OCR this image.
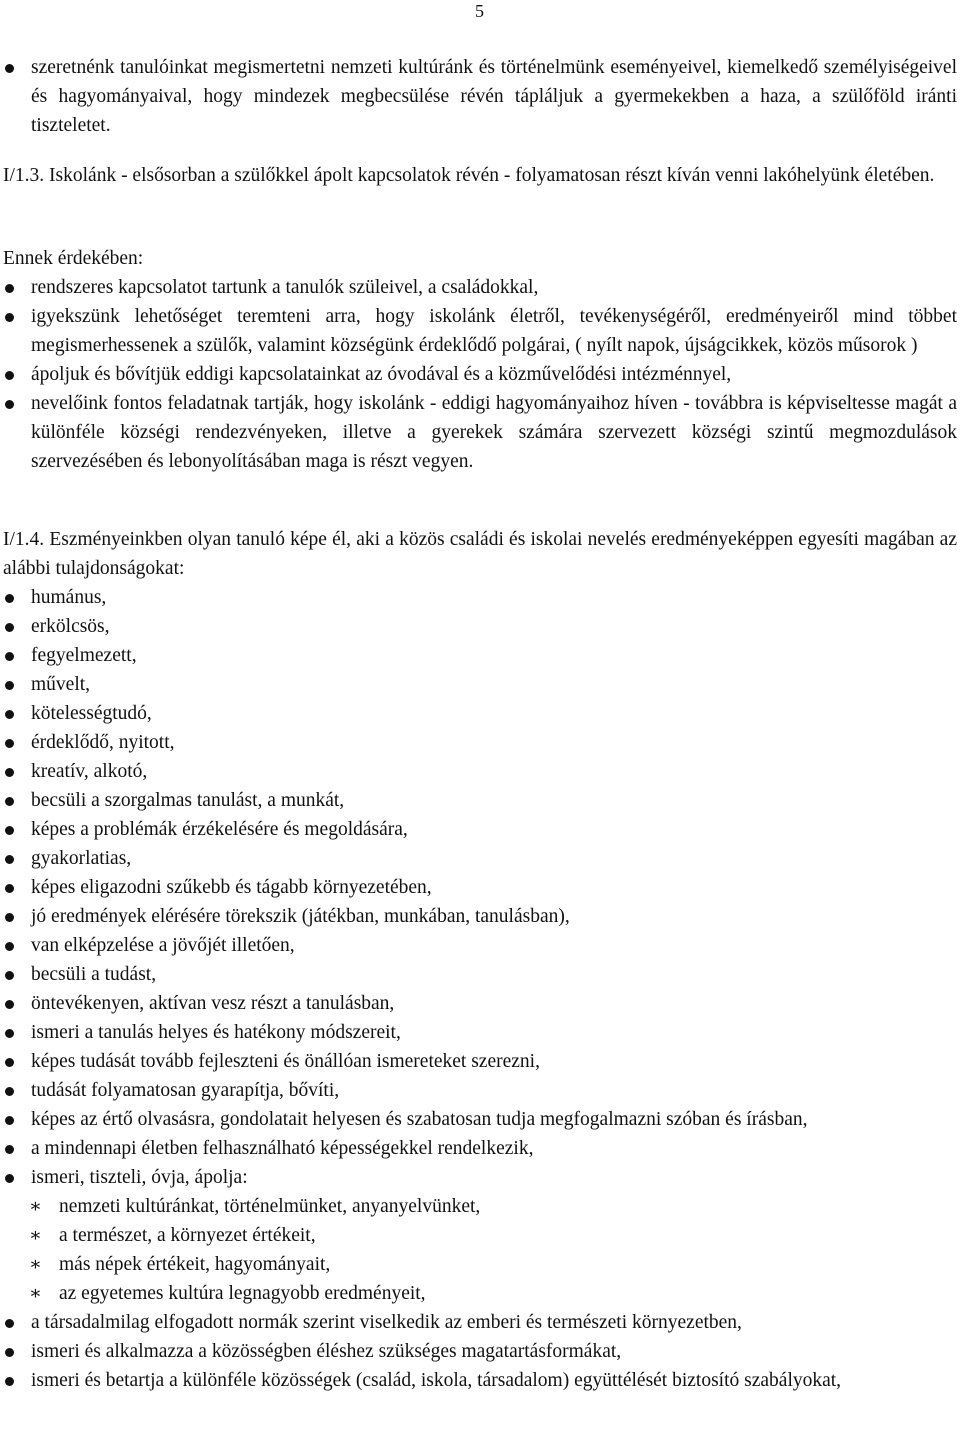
5
szeretnénk tanulóinkat megismertetni nemzeti kultúránk és történelmünk eseményeivel, kiemelkedő személyiségeivel és hagyományaival, hogy mindezek megbecsülése révén tápláljuk a gyermekekben a haza, a szülőföld iránti tiszteletet.

I/1.3. Iskolánk - elsősorban a szülőkkel ápolt kapcsolatok révén - folyamatosan részt kíván venni lakóhelyünk életében.

Ennek érdekében:

rendszeres kapcsolatot tartunk a tanulók szüleivel, a családokkal,
igyekszünk lehetőséget teremteni arra, hogy iskolánk életről, tevékenységéről, eredményeiről mind többet megismerhessenek a szülők, valamint községünk érdeklődő polgárai, ( nyílt napok, újságcikkek, közös műsorok )
ápoljuk és bővítjük eddigi kapcsolatainkat az óvodával és a közművelődési intézménnyel,
nevelőink fontos feladatnak tartják, hogy iskolánk - eddigi hagyományaihoz híven - továbbra is képviseltesse magát a különféle községi rendezvényeken, illetve a gyerekek számára szervezett községi szintű megmozdulások szervezésében és lebonyolításában maga is részt vegyen.

I/1.4. Eszményeinkben olyan tanuló képe él, aki a közös családi és iskolai nevelés eredményeképpen egyesíti magában az alábbi tulajdonságokat:

humánus,
erkölcsös,
fegyelmezett,
művelt,
kötelességtudó,
érdeklődő, nyitott,
kreatív, alkotó,
becsüli a szorgalmas tanulást, a munkát,
képes a problémák érzékelésére és megoldására,
gyakorlatias,
képes eligazodni szűkebb és tágabb környezetében,
jó eredmények elérésére törekszik (játékban, munkában, tanulásban),
van elképzelése a jövőjét illetően,
becsüli a tudást,
öntevékenyen, aktívan vesz részt a tanulásban,
ismeri a tanulás helyes és hatékony módszereit,
képes tudását tovább fejleszteni és önállóan ismereteket szerezni,
tudását folyamatosan gyarapítja, bővíti,
képes az értő olvasásra, gondolatait helyesen és szabatosan tudja megfogalmazni szóban és írásban,
a mindennapi életben felhasználható képességekkel rendelkezik,
ismeri, tiszteli, óvja, ápolja:
∗ nemzeti kultúránkat, történelmünket, anyanyelvünket,
∗ a természet, a környezet értékeit,
∗ más népek értékeit, hagyományait,
∗ az egyetemes kultúra legnagyobb eredményeit,
a társadalmilag elfogadott normák szerint viselkedik az emberi és természeti környezetben,
ismeri és alkalmazza a közösségben éléshez szükséges magatartásformákat,
ismeri és betartja a különféle közösségek (család, iskola, társadalom) együttélését biztosító szabályokat,
